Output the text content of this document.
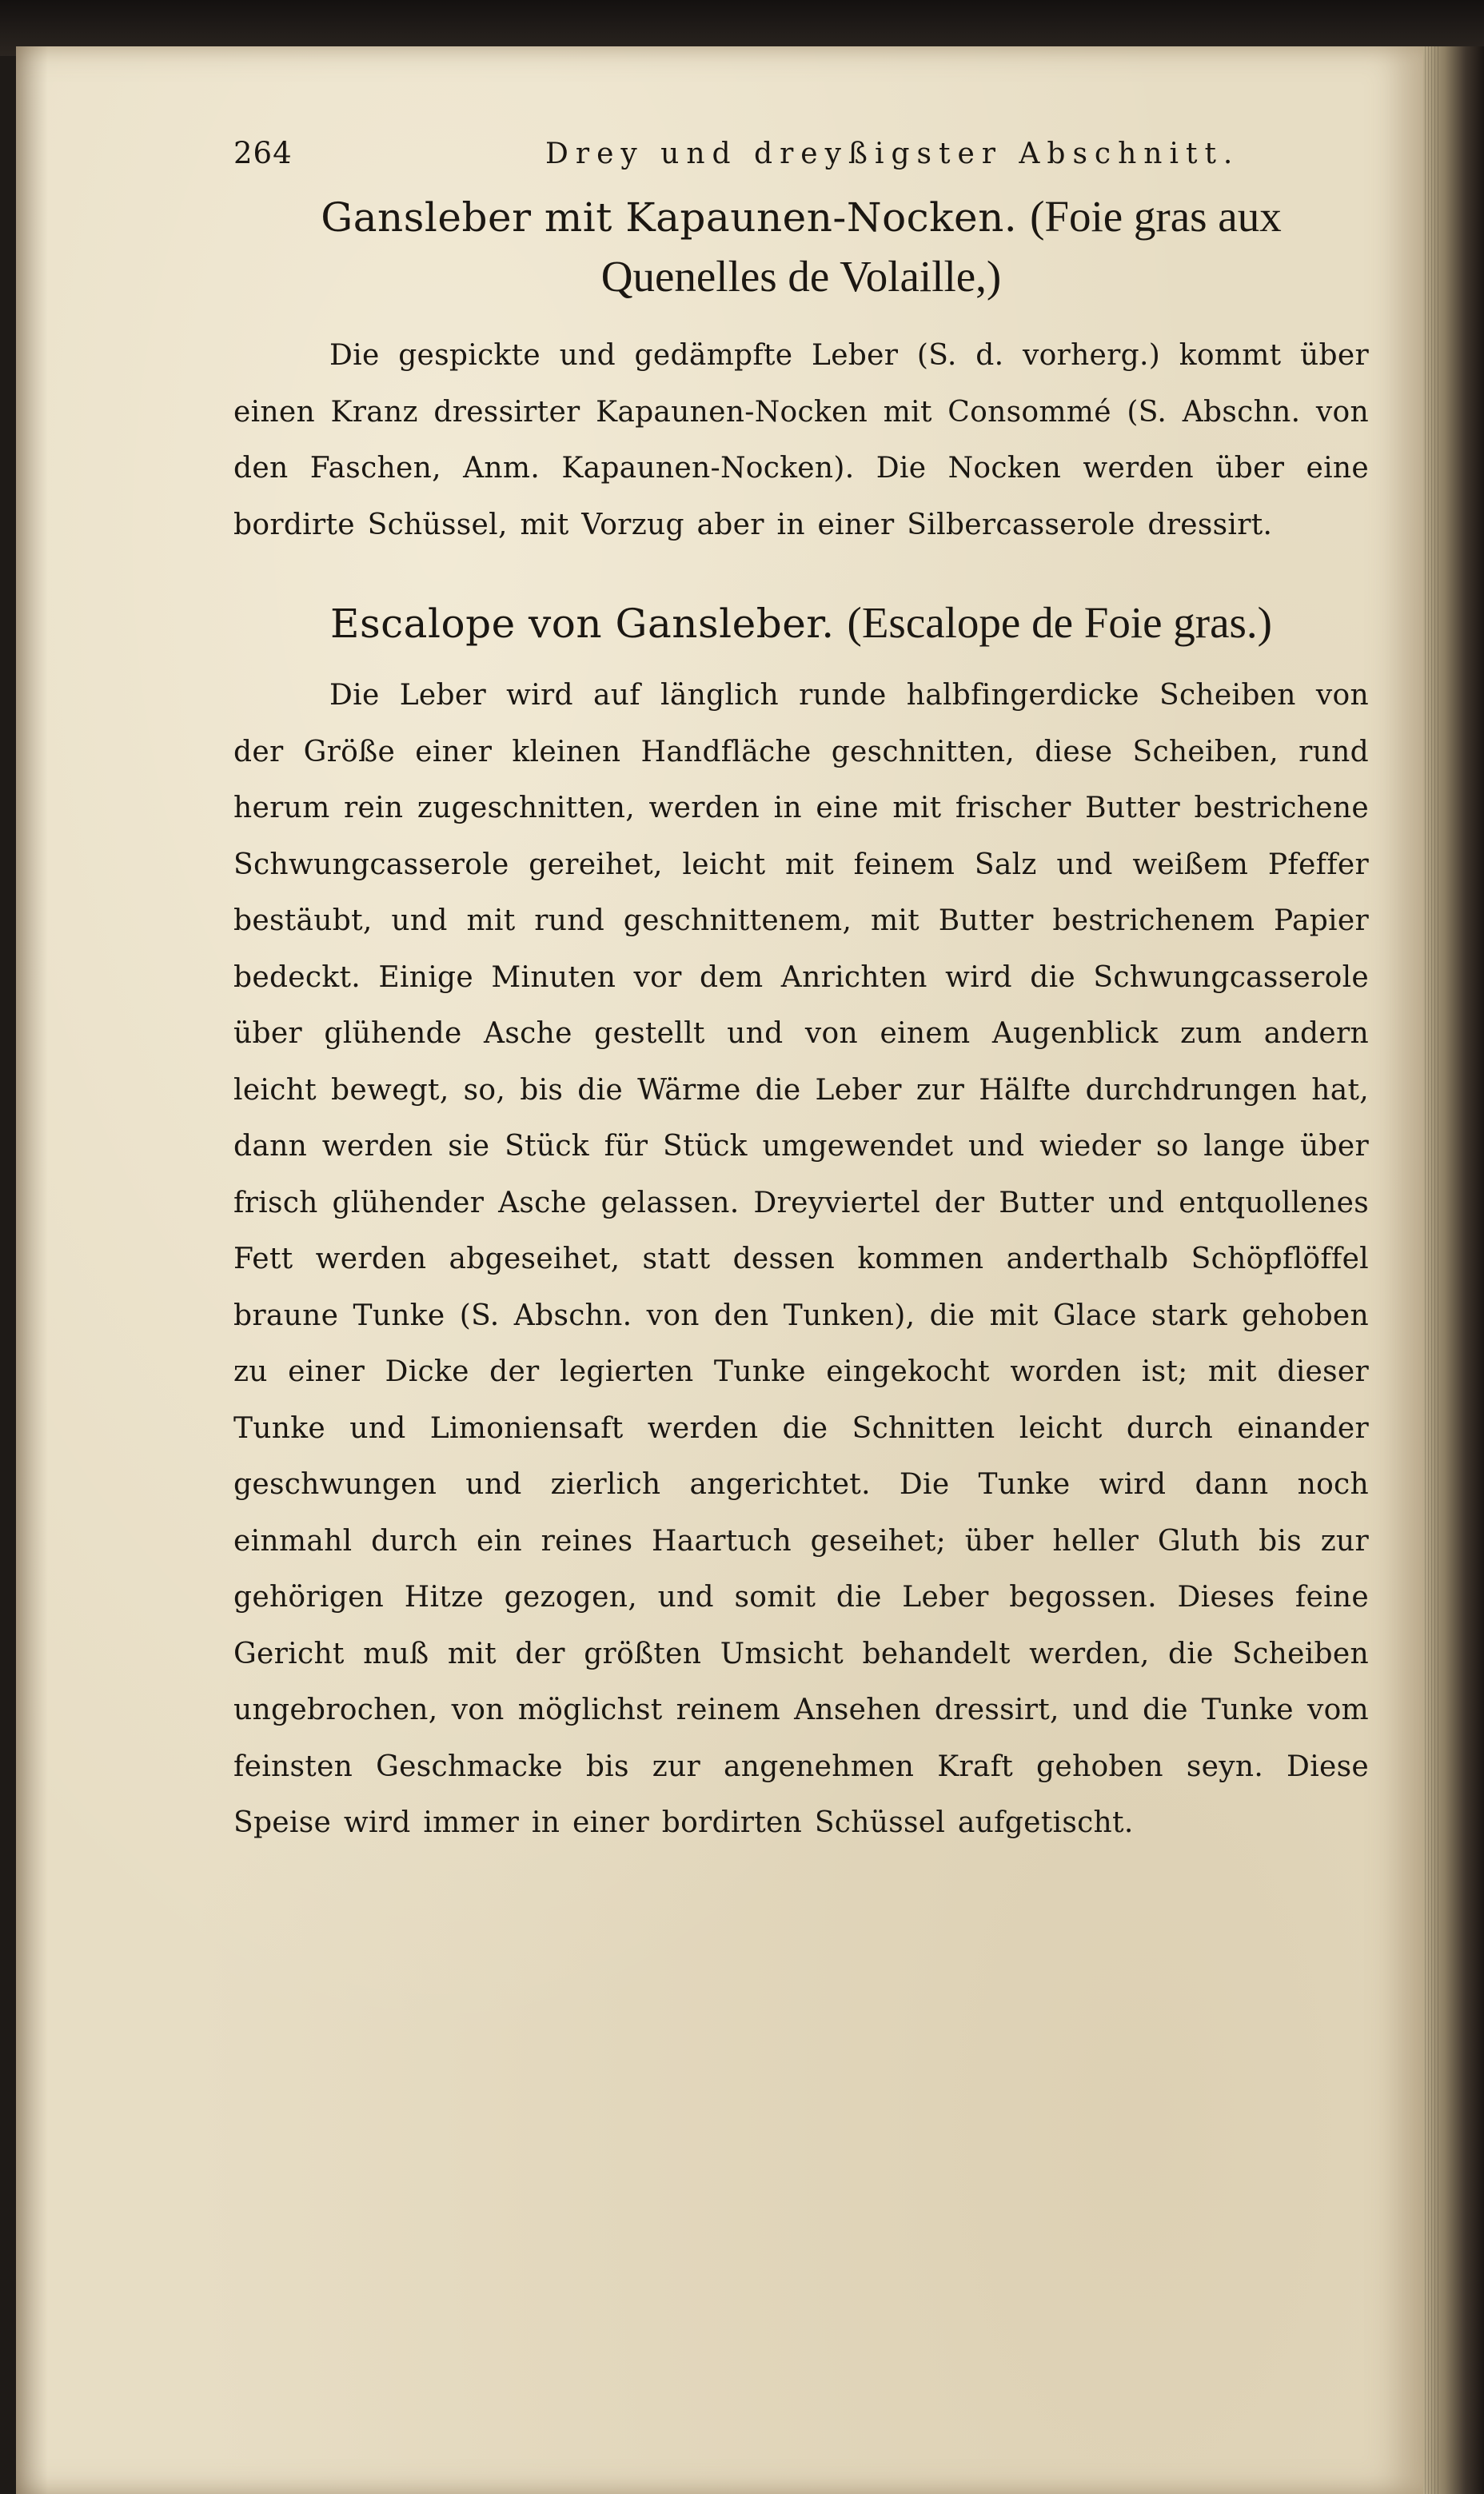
264	Drey und dreyßigster Abschnitt.
Gansleber mit Kapaunen-Nocken. (Foie gras aux Quenelles de Volaille,)

Die gespickte und gedämpfte Leber (S. d. vorherg.) kommt über einen Kranz dressirter Kapaunen-Nocken mit Consommé (S. Abschn. von den Faschen, Anm. Kapaunen-Nocken). Die Nocken werden über eine bordirte Schüssel, mit Vorzug aber in einer Silbercasserole dressirt.

Escalope von Gansleber. (Escalope de Foie gras.)

Die Leber wird auf länglich runde halbfingerdicke Scheiben von der Größe einer kleinen Handfläche geschnitten, diese Scheiben, rund herum rein zugeschnitten, werden in eine mit frischer Butter bestrichene Schwungcasserole gereihet, leicht mit feinem Salz und weißem Pfeffer bestäubt, und mit rund geschnittenem, mit Butter bestrichenem Papier bedeckt. Einige Minuten vor dem Anrichten wird die Schwungcasserole über glühende Asche gestellt und von einem Augenblick zum andern leicht bewegt, so, bis die Wärme die Leber zur Hälfte durchdrungen hat, dann werden sie Stück für Stück umgewendet und wieder so lange über frisch glühender Asche gelassen. Dreyviertel der Butter und entquollenes Fett werden abgeseihet, statt dessen kommen anderthalb Schöpflöffel braune Tunke (S. Abschn. von den Tunken), die mit Glace stark gehoben zu einer Dicke der legierten Tunke eingekocht worden ist; mit dieser Tunke und Limoniensaft werden die Schnitten leicht durch einander geschwungen und zierlich angerichtet. Die Tunke wird dann noch einmahl durch ein reines Haartuch geseihet; über heller Gluth bis zur gehörigen Hitze gezogen, und somit die Leber begossen. Dieses feine Gericht muß mit der größten Umsicht behandelt werden, die Scheiben ungebrochen, von möglichst reinem Ansehen dressirt, und die Tunke vom feinsten Geschmacke bis zur angenehmen Kraft gehoben seyn. Diese Speise wird immer in einer bordirten Schüssel aufgetischt.
